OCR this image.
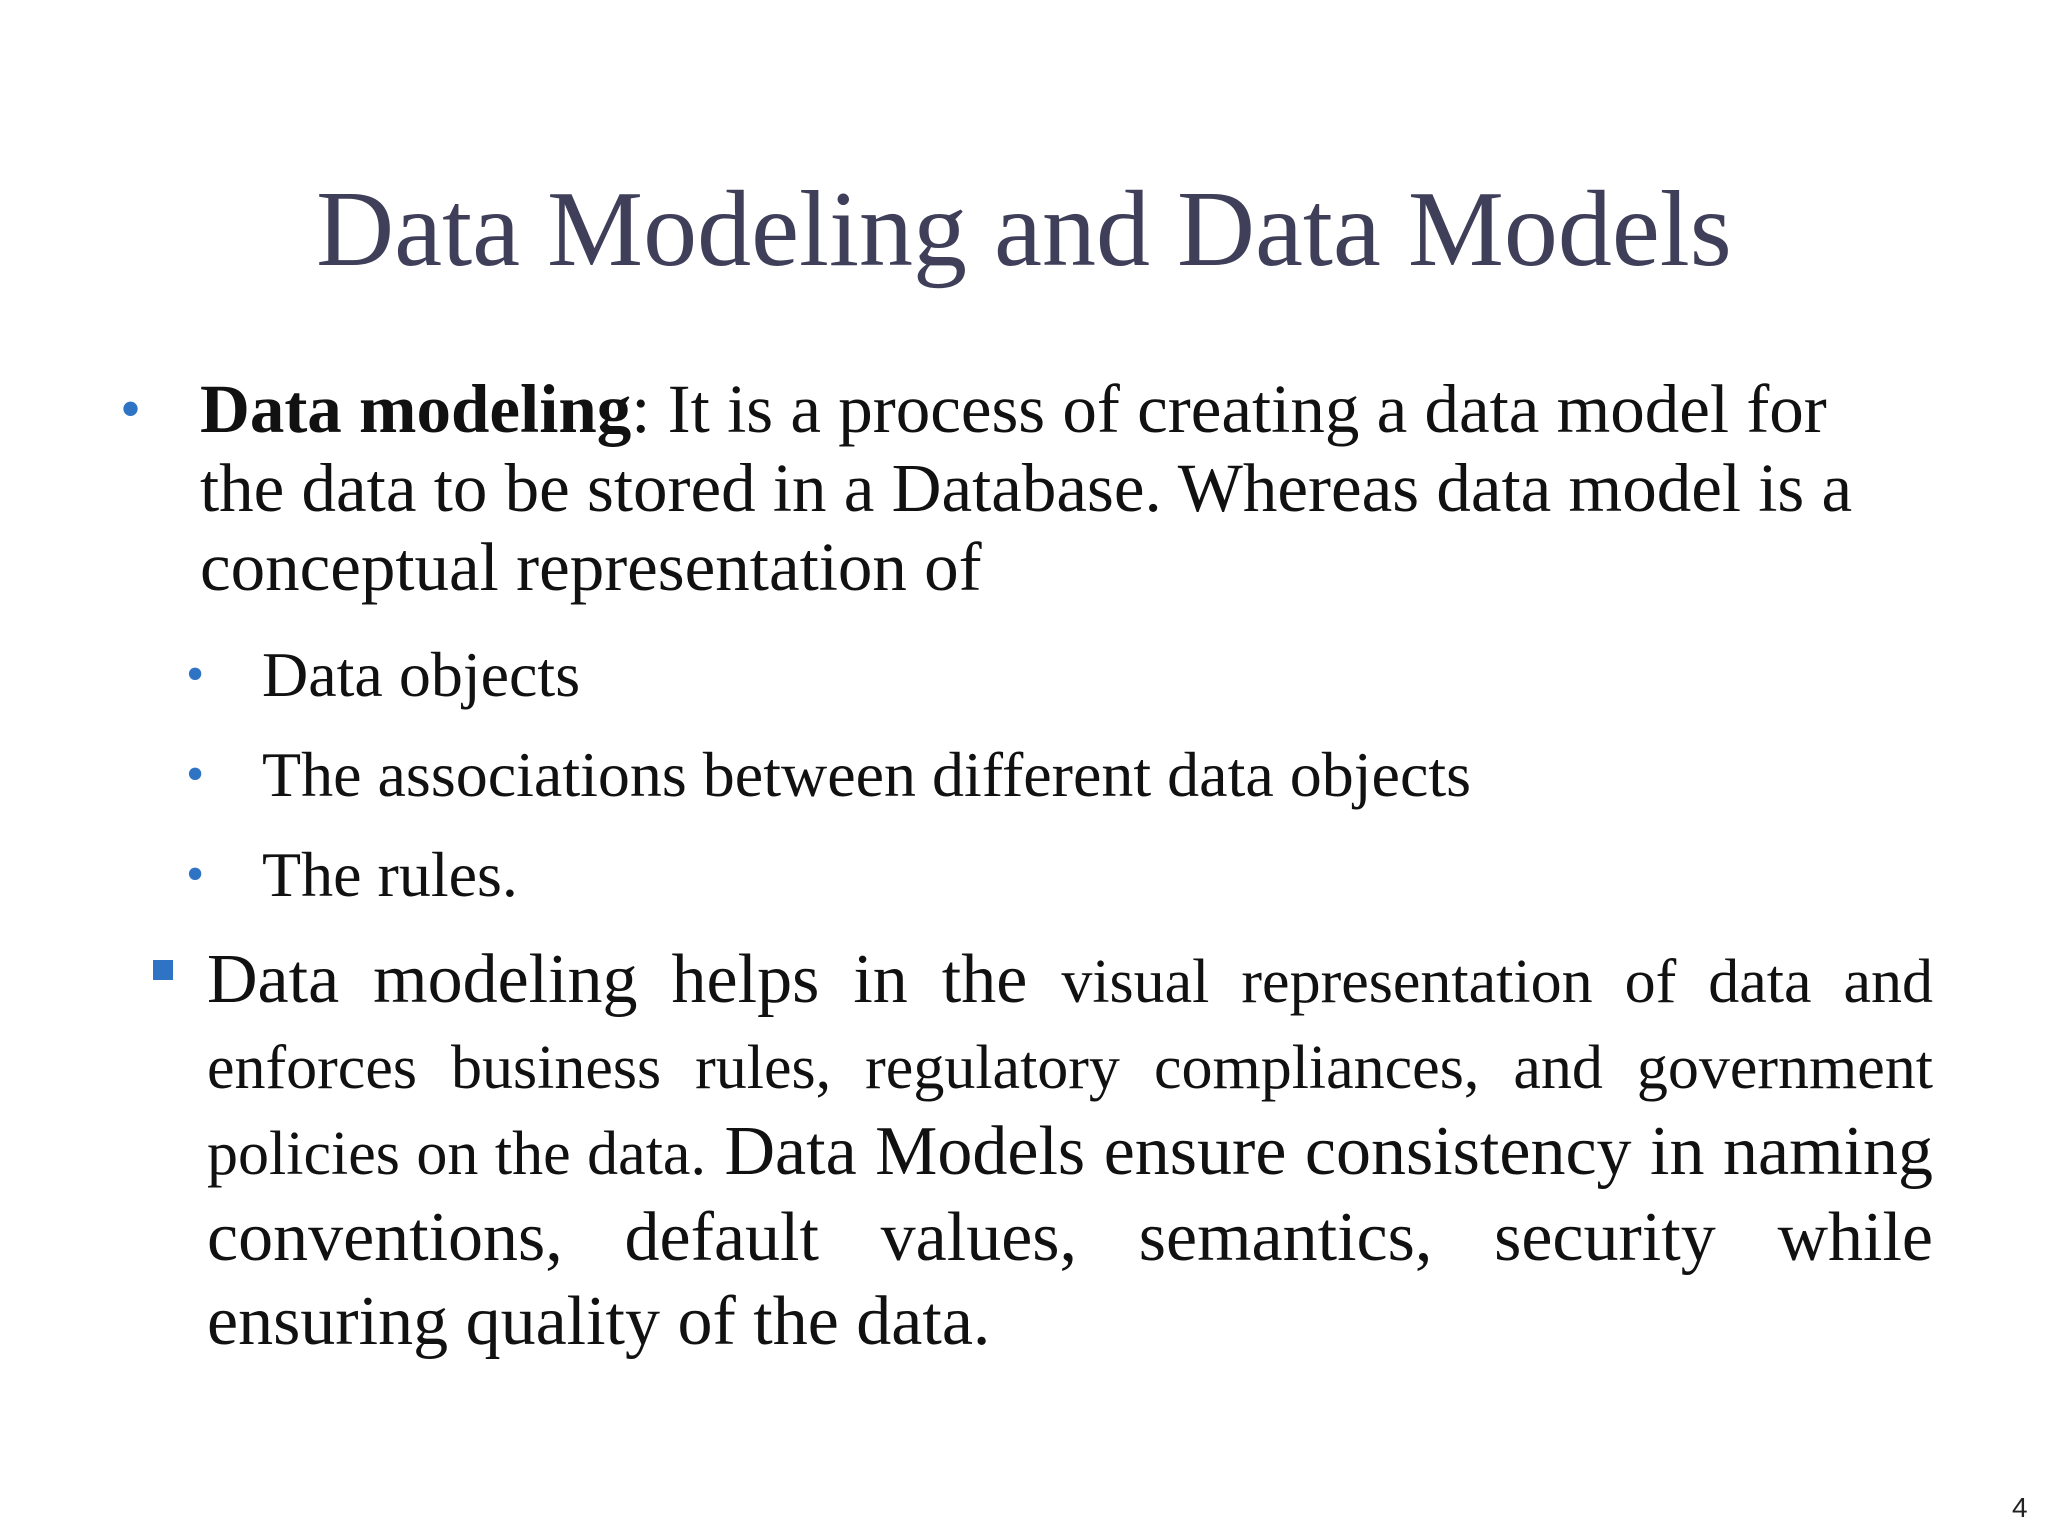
Data Modeling and Data Models
• Data modeling: It is a process of creating a data model for the data to be stored in a Database. Whereas data model is a conceptual representation of
• Data objects
• The associations between different data objects
• The rules.
Data modeling helps in the visual representation of data and enforces business rules, regulatory compliances, and government policies on the data. Data Models ensure consistency in naming conventions, default values, semantics, security while ensuring quality of the data.
4
